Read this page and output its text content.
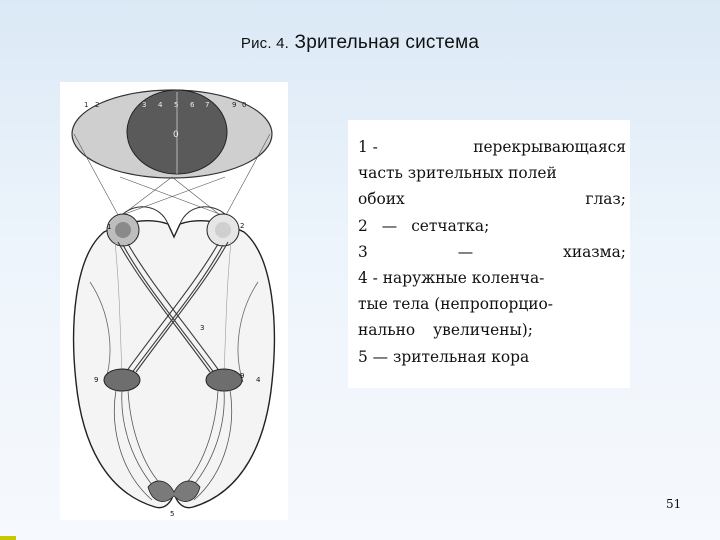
Рис. 4. Зрительная система
1 2	3 4 5 6 7
0
9 0
1	2
3
4
9	9
5
1 -	перекрывающаяся
часть зрительных полей
обоих	глаз;
2 — сетчатка;
3	—	хиазма;
4 - наружные коленча-
тые тела (непропорцио-
нально увеличены);
5 — зрительная кора
51
